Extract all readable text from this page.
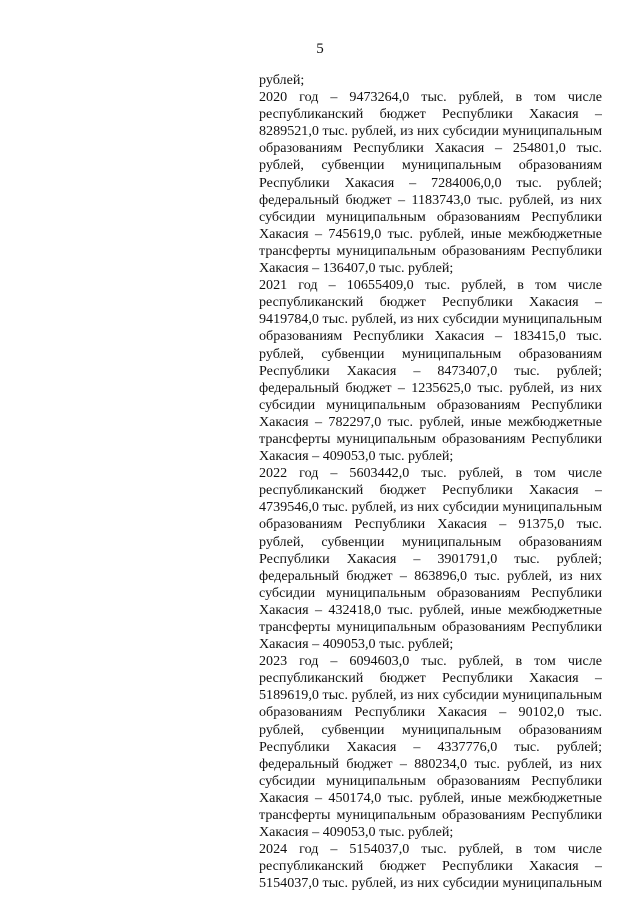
5
рублей;
2020 год – 9473264,0 тыс. рублей, в том числе
республиканский бюджет Республики Хакасия –
8289521,0 тыс. рублей, из них субсидии муниципальным
образованиям Республики Хакасия – 254801,0 тыс.
рублей, субвенции муниципальным образованиям
Республики Хакасия – 7284006,0,0 тыс. рублей;
федеральный бюджет – 1183743,0 тыс. рублей, из них
субсидии муниципальным образованиям Республики
Хакасия – 745619,0 тыс. рублей, иные межбюджетные
трансферты муниципальным образованиям Республики
Хакасия – 136407,0 тыс. рублей;
2021 год – 10655409,0 тыс. рублей, в том числе
республиканский бюджет Республики Хакасия –
9419784,0 тыс. рублей, из них субсидии муниципальным
образованиям Республики Хакасия – 183415,0 тыс.
рублей, субвенции муниципальным образованиям
Республики Хакасия – 8473407,0 тыс. рублей;
федеральный бюджет – 1235625,0 тыс. рублей, из них
субсидии муниципальным образованиям Республики
Хакасия – 782297,0 тыс. рублей, иные межбюджетные
трансферты муниципальным образованиям Республики
Хакасия – 409053,0 тыс. рублей;
2022 год – 5603442,0 тыс. рублей, в том числе
республиканский бюджет Республики Хакасия –
4739546,0 тыс. рублей, из них субсидии муниципальным
образованиям Республики Хакасия – 91375,0 тыс.
рублей, субвенции муниципальным образованиям
Республики Хакасия – 3901791,0 тыс. рублей;
федеральный бюджет – 863896,0 тыс. рублей, из них
субсидии муниципальным образованиям Республики
Хакасия – 432418,0 тыс. рублей, иные межбюджетные
трансферты муниципальным образованиям Республики
Хакасия – 409053,0 тыс. рублей;
2023 год – 6094603,0 тыс. рублей, в том числе
республиканский бюджет Республики Хакасия –
5189619,0 тыс. рублей, из них субсидии муниципальным
образованиям Республики Хакасия – 90102,0 тыс.
рублей, субвенции муниципальным образованиям
Республики Хакасия – 4337776,0 тыс. рублей;
федеральный бюджет – 880234,0 тыс. рублей, из них
субсидии муниципальным образованиям Республики
Хакасия – 450174,0 тыс. рублей, иные межбюджетные
трансферты муниципальным образованиям Республики
Хакасия – 409053,0 тыс. рублей;
2024 год – 5154037,0 тыс. рублей, в том числе
республиканский бюджет Республики Хакасия –
5154037,0 тыс. рублей, из них субсидии муниципальным
